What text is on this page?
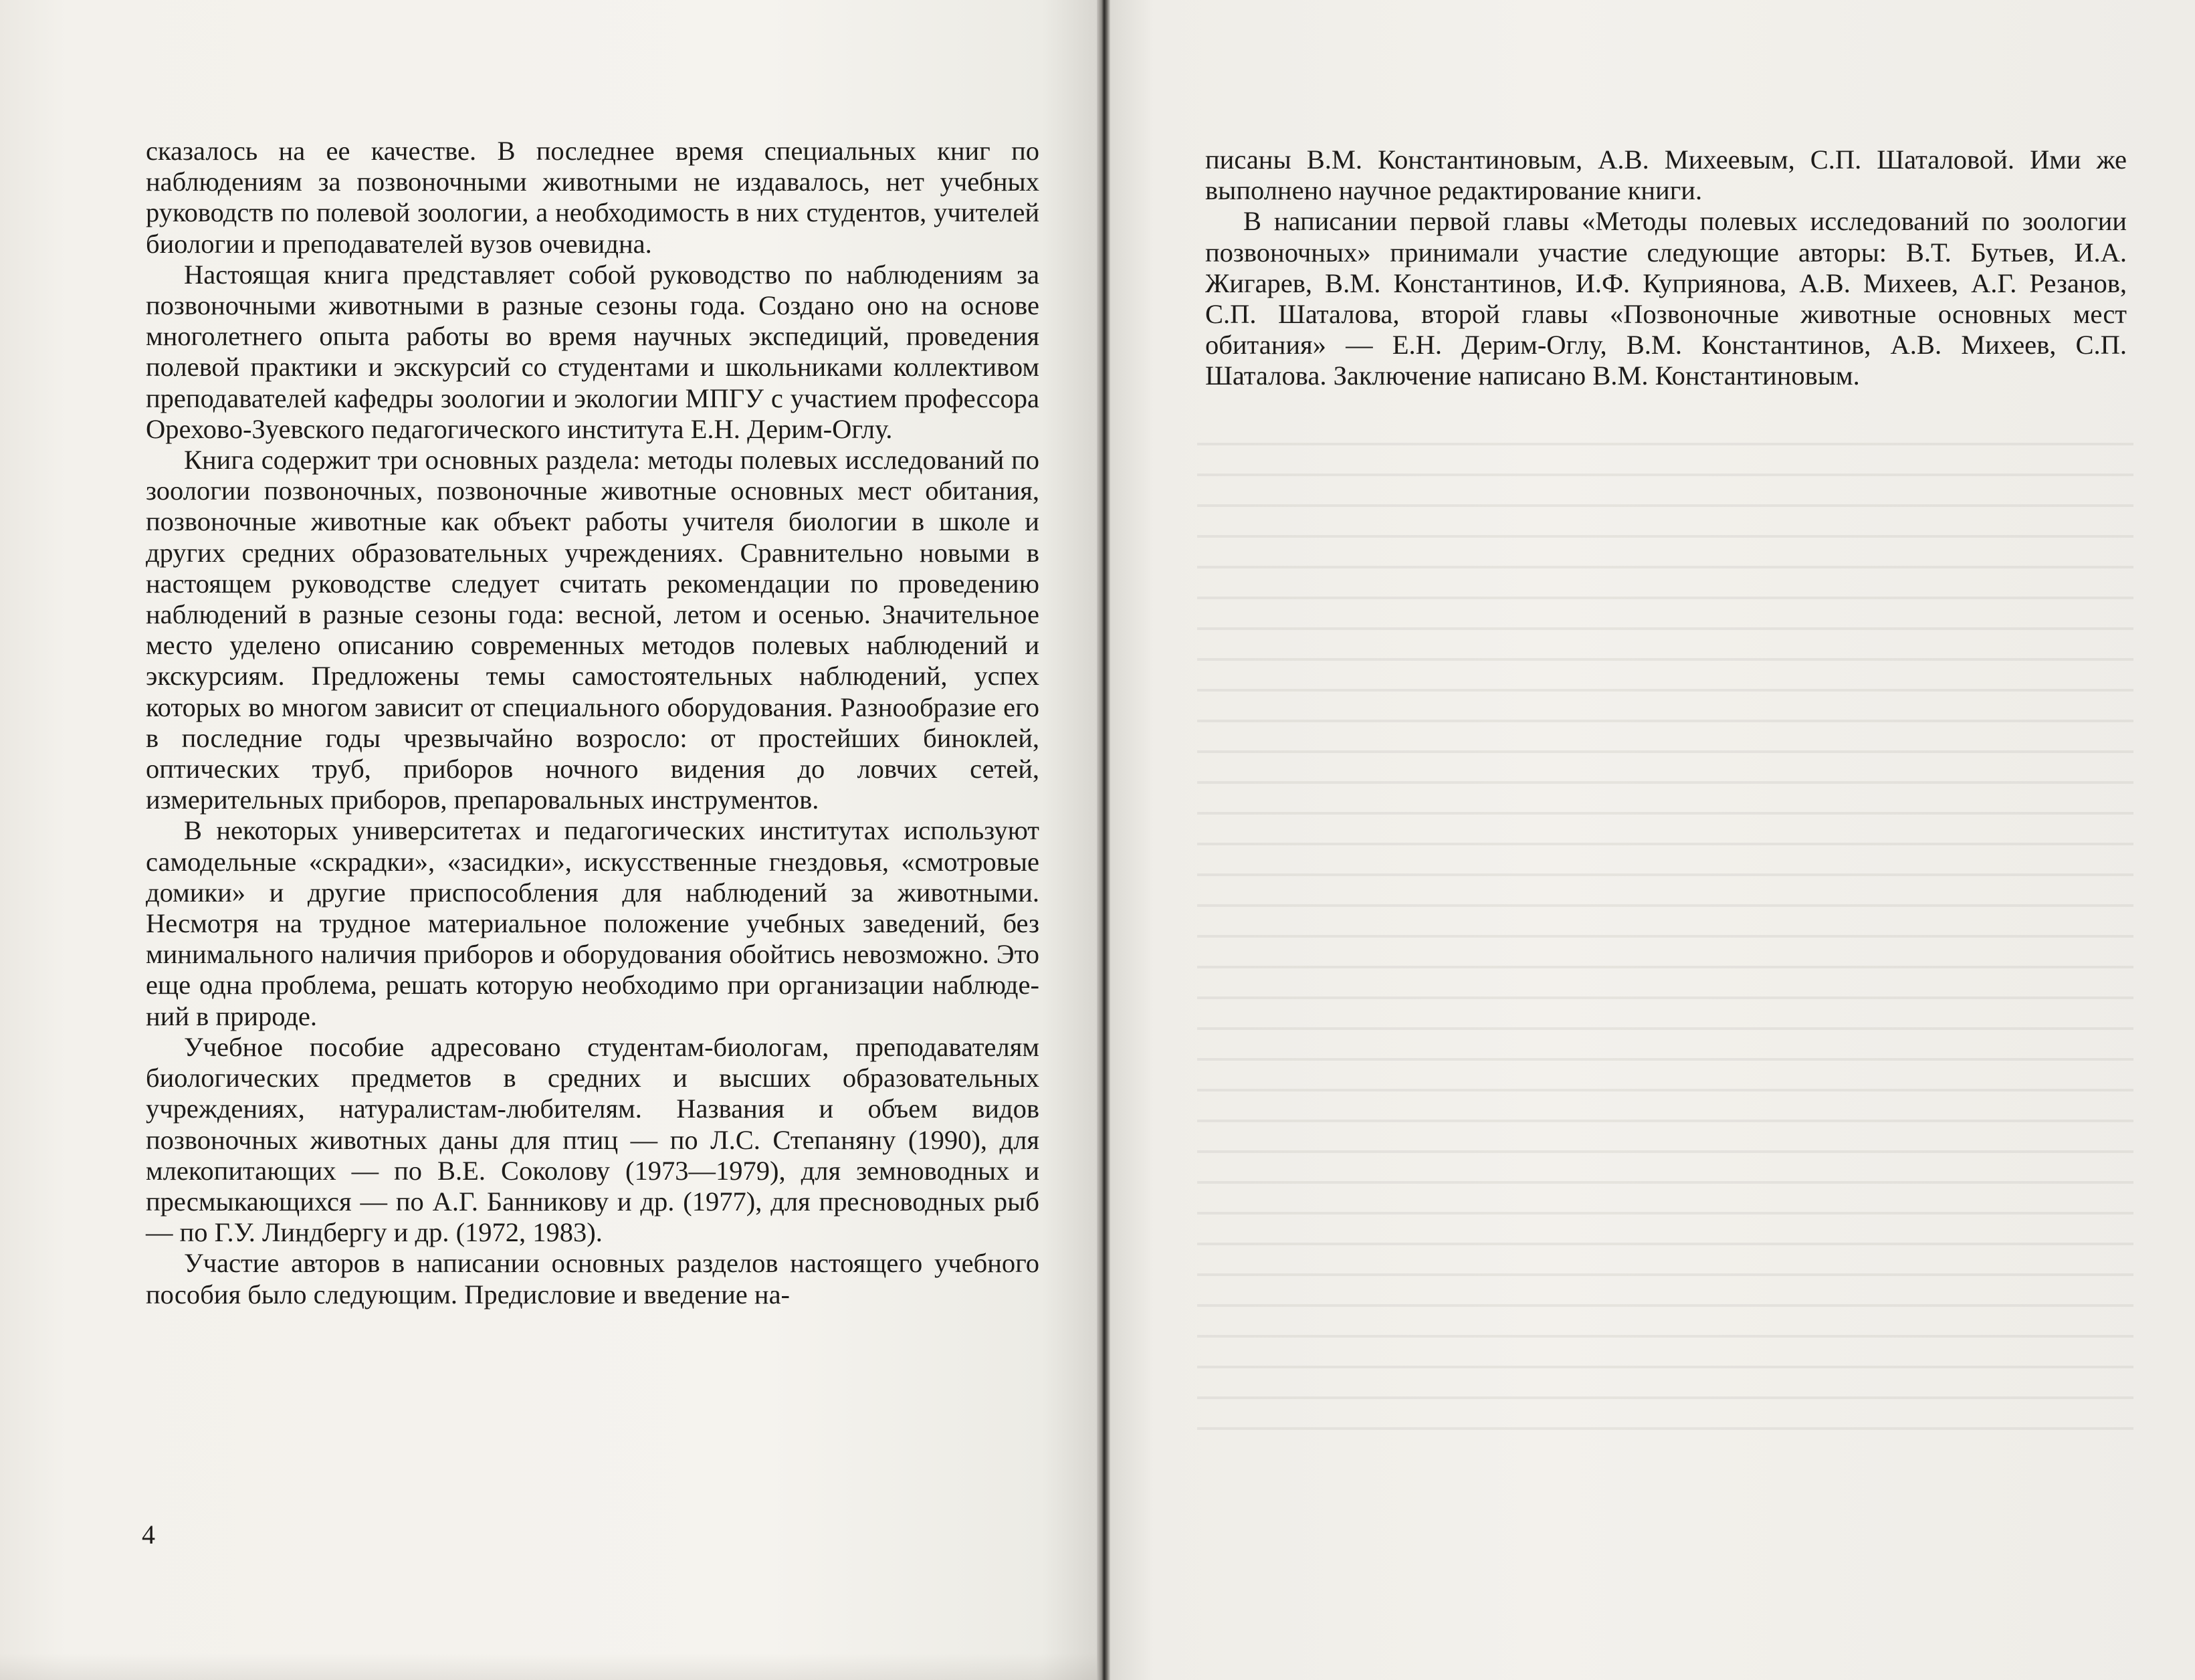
сказалось на ее качестве. В последнее время специальных книг по наблюдениям за позвоночными животными не издавалось, нет учебных руководств по полевой зоологии, а необходимость в них студентов, учителей биологии и преподавателей вузов очевидна.

Настоящая книга представляет собой руководство по наблюдениям за позвоночными животными в разные сезоны года. Создано оно на основе многолетнего опыта работы во время научных экспедиций, проведения полевой практики и экскурсий со студентами и школьниками коллективом преподавателей кафедры зоологии и экологии МПГУ с участием профессора Орехово-Зуевского педагогического института Е.Н. Дерим-Оглу.

Книга содержит три основных раздела: методы полевых исследований по зоологии позвоночных, позвоночные животные основных мест обитания, позвоночные животные как объект работы учителя биологии в школе и других средних образовательных учреждениях. Сравнительно новыми в настоящем руководстве следует считать рекомендации по проведению наблюдений в разные сезоны года: весной, летом и осенью. Значительное место уделено описанию современных методов полевых наблюдений и экскурсиям. Предложены темы самостоятельных наблюдений, успех которых во многом зависит от специального оборудования. Разнообразие его в последние годы чрезвычайно возросло: от простейших биноклей, оптических труб, приборов ночного видения до ловчих сетей, измерительных приборов, препаровальных инструментов.

В некоторых университетах и педагогических институтах используют самодельные «скрадки», «засидки», искусственные гнездовья, «смотровые домики» и другие приспособления для наблюдений за животными. Несмотря на трудное материальное положение учебных заведений, без минимального наличия приборов и оборудования обойтись невозможно. Это еще одна проблема, решать которую необходимо при организации наблюдений в природе.

Учебное пособие адресовано студентам-биологам, преподавателям биологических предметов в средних и высших образовательных учреждениях, натуралистам-любителям. Названия и объем видов позвоночных животных даны для птиц — по Л.С. Степаняну (1990), для млекопитающих — по В.Е. Соколову (1973—1979), для земноводных и пресмыкающихся — по А.Г. Банникову и др. (1977), для пресноводных рыб — по Г.У. Линдбергу и др. (1972, 1983).

Участие авторов в написании основных разделов настоящего учебного пособия было следующим. Предисловие и введение на-

4

писаны В.М. Константиновым, А.В. Михеевым, С.П. Шаталовой. Ими же выполнено научное редактирование книги.

В написании первой главы «Методы полевых исследований по зоологии позвоночных» принимали участие следующие авторы: В.Т. Бутьев, И.А. Жигарев, В.М. Константинов, И.Ф. Куприянова, А.В. Михеев, А.Г. Резанов, С.П. Шаталова, второй главы «Позвоночные животные основных мест обитания» — Е.Н. Дерим-Оглу, В.М. Константинов, А.В. Михеев, С.П. Шаталова. Заключение написано В.М. Константиновым.
